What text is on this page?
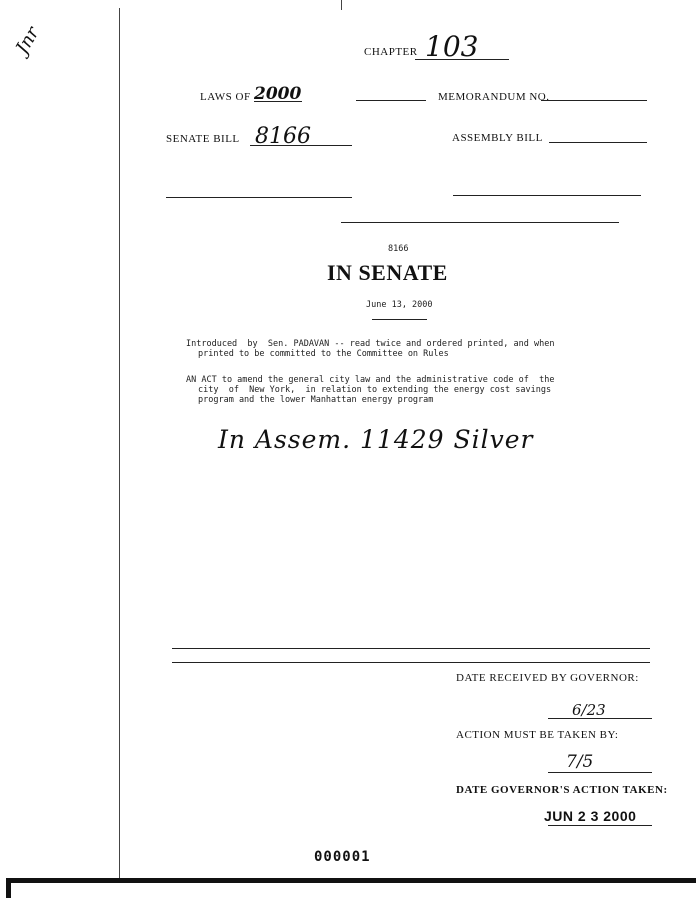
Jnr	CHAPTER 103
LAWS OF 2000	MEMORANDUM NO.
SENATE BILL 8166	ASSEMBLY BILL
8166
IN SENATE
June 13, 2000
Introduced  by  Sen. PADAVAN -- read twice and ordered printed, and when
printed to be committed to the Committee on Rules
AN ACT to amend the general city law and the administrative code of  the
city  of  New York,  in relation to extending the energy cost savings
program and the lower Manhattan energy program
In Assem. 11429 Silver
DATE RECEIVED BY GOVERNOR:
6/23
ACTION MUST BE TAKEN BY:
7/5
DATE GOVERNOR'S ACTION TAKEN:
JUN 2 3 2000
000001
